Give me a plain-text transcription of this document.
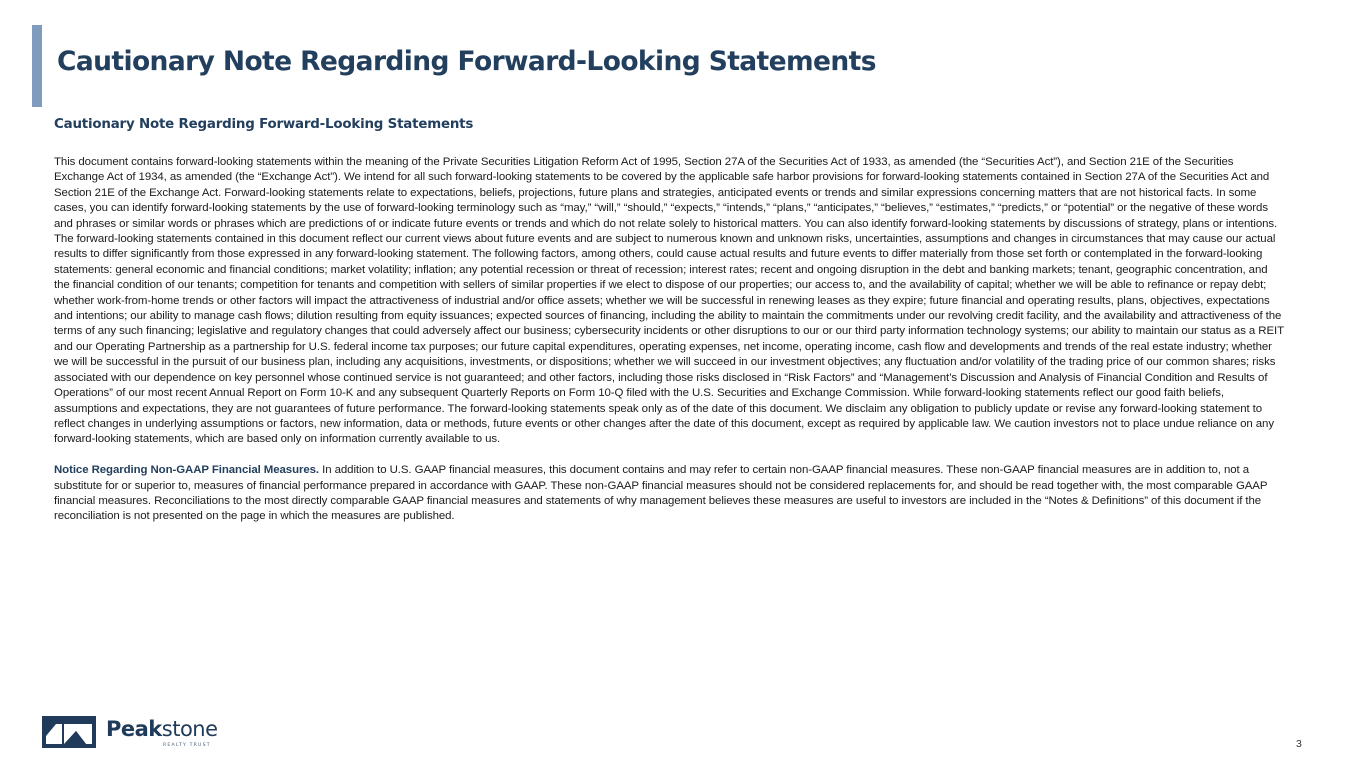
Cautionary Note Regarding Forward-Looking Statements
Cautionary Note Regarding Forward-Looking Statements

This document contains forward-looking statements within the meaning of the Private Securities Litigation Reform Act of 1995, Section 27A of the Securities Act of 1933, as amended (the “Securities Act”), and Section 21E of the Securities Exchange Act of 1934, as amended (the “Exchange Act”). We intend for all such forward-looking statements to be covered by the applicable safe harbor provisions for forward-looking statements contained in Section 27A of the Securities Act and Section 21E of the Exchange Act. Forward-looking statements relate to expectations, beliefs, projections, future plans and strategies, anticipated events or trends and similar expressions concerning matters that are not historical facts. In some cases, you can identify forward-looking statements by the use of forward-looking terminology such as “may,” “will,” “should,” “expects,” “intends,” “plans,” “anticipates,” “believes,” “estimates,” “predicts,” or “potential” or the negative of these words and phrases or similar words or phrases which are predictions of or indicate future events or trends and which do not relate solely to historical matters. You can also identify forward-looking statements by discussions of strategy, plans or intentions.

The forward-looking statements contained in this document reflect our current views about future events and are subject to numerous known and unknown risks, uncertainties, assumptions and changes in circumstances that may cause our actual results to differ significantly from those expressed in any forward-looking statement. The following factors, among others, could cause actual results and future events to differ materially from those set forth or contemplated in the forward-looking statements: general economic and financial conditions; market volatility; inflation; any potential recession or threat of recession; interest rates; recent and ongoing disruption in the debt and banking markets; tenant, geographic concentration, and the financial condition of our tenants; competition for tenants and competition with sellers of similar properties if we elect to dispose of our properties; our access to, and the availability of capital; whether we will be able to refinance or repay debt; whether work-from-home trends or other factors will impact the attractiveness of industrial and/or office assets; whether we will be successful in renewing leases as they expire; future financial and operating results, plans, objectives, expectations and intentions; our ability to manage cash flows; dilution resulting from equity issuances; expected sources of financing, including the ability to maintain the commitments under our revolving credit facility, and the availability and attractiveness of the terms of any such financing; legislative and regulatory changes that could adversely affect our business; cybersecurity incidents or other disruptions to our or our third party information technology systems; our ability to maintain our status as a REIT and our Operating Partnership as a partnership for U.S. federal income tax purposes; our future capital expenditures, operating expenses, net income, operating income, cash flow and developments and trends of the real estate industry; whether we will be successful in the pursuit of our business plan, including any acquisitions, investments, or dispositions; whether we will succeed in our investment objectives; any fluctuation and/or volatility of the trading price of our common shares; risks associated with our dependence on key personnel whose continued service is not guaranteed; and other factors, including those risks disclosed in “Risk Factors” and “Management’s Discussion and Analysis of Financial Condition and Results of Operations” of our most recent Annual Report on Form 10-K and any subsequent Quarterly Reports on Form 10-Q filed with the U.S. Securities and Exchange Commission. While forward-looking statements reflect our good faith beliefs, assumptions and expectations, they are not guarantees of future performance. The forward-looking statements speak only as of the date of this document. We disclaim any obligation to publicly update or revise any forward-looking statement to reflect changes in underlying assumptions or factors, new information, data or methods, future events or other changes after the date of this document, except as required by applicable law. We caution investors not to place undue reliance on any forward-looking statements, which are based only on information currently available to us.

Notice Regarding Non-GAAP Financial Measures. In addition to U.S. GAAP financial measures, this document contains and may refer to certain non-GAAP financial measures. These non-GAAP financial measures are in addition to, not a substitute for or superior to, measures of financial performance prepared in accordance with GAAP. These non-GAAP financial measures should not be considered replacements for, and should be read together with, the most comparable GAAP financial measures. Reconciliations to the most directly comparable GAAP financial measures and statements of why management believes these measures are useful to investors are included in the “Notes & Definitions” of this document if the reconciliation is not presented on the page in which the measures are published.

Peakstone
REALTY TRUST	3
